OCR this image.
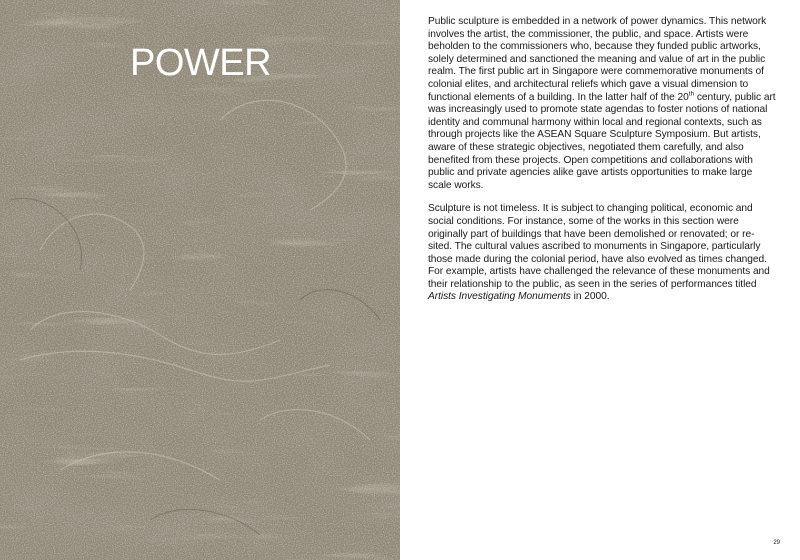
POWER

Public sculpture is embedded in a network of power dynamics. This network involves the artist, the commissioner, the public, and space. Artists were beholden to the commissioners who, because they funded public artworks, solely determined and sanctioned the meaning and value of art in the public realm. The first public art in Singapore were commemorative monuments of colonial elites, and architectural reliefs which gave a visual dimension to functional elements of a building. In the latter half of the 20th century, public art was increasingly used to promote state agendas to foster notions of national identity and communal harmony within local and regional contexts, such as through projects like the ASEAN Square Sculpture Symposium. But artists, aware of these strategic objectives, negotiated them carefully, and also benefited from these projects. Open competitions and collaborations with public and private agencies alike gave artists opportunities to make large scale works.

Sculpture is not timeless. It is subject to changing political, economic and social conditions. For instance, some of the works in this section were originally part of buildings that have been demolished or renovated; or re-sited. The cultural values ascribed to monuments in Singapore, particularly those made during the colonial period, have also evolved as times changed. For example, artists have challenged the relevance of these monuments and their relationship to the public, as seen in the series of performances titled Artists Investigating Monuments in 2000.

29
